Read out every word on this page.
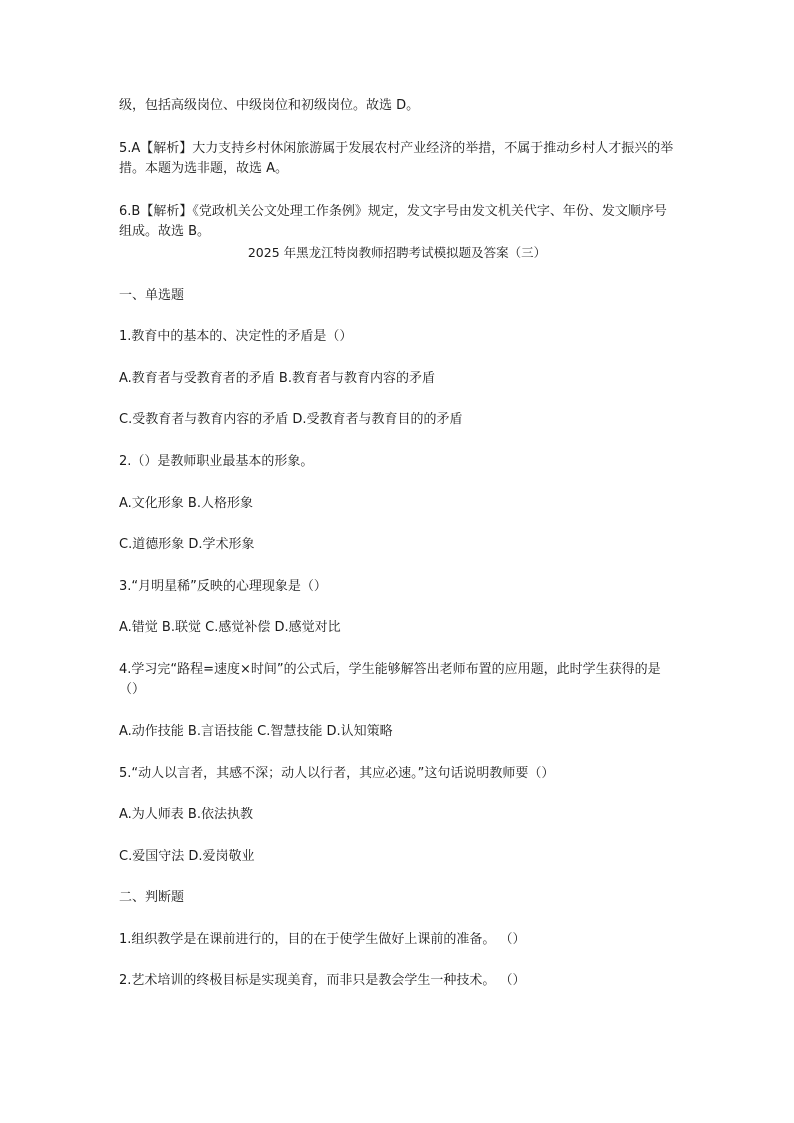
级，包括高级岗位、中级岗位和初级岗位。故选 D。
5.A【解析】大力支持乡村休闲旅游属于发展农村产业经济的举措，不属于推动乡村人才振兴的举措。本题为选非题，故选 A。
6.B【解析】《党政机关公文处理工作条例》规定，发文字号由发文机关代字、年份、发文顺序号组成。故选 B。
2025 年黑龙江特岗教师招聘考试模拟题及答案（三）
一、单选题
1.教育中的基本的、决定性的矛盾是（）
A.教育者与受教育者的矛盾 B.教育者与教育内容的矛盾
C.受教育者与教育内容的矛盾 D.受教育者与教育目的的矛盾
2.（）是教师职业最基本的形象。
A.文化形象 B.人格形象
C.道德形象 D.学术形象
3.“月明星稀”反映的心理现象是（）
A.错觉 B.联觉 C.感觉补偿 D.感觉对比
4.学习完“路程=速度×时间”的公式后，学生能够解答出老师布置的应用题，此时学生获得的是（）
A.动作技能 B.言语技能 C.智慧技能 D.认知策略
5.“动人以言者，其感不深；动人以行者，其应必速。”这句话说明教师要（）
A.为人师表 B.依法执教
C.爱国守法 D.爱岗敬业
二、判断题
1.组织教学是在课前进行的，目的在于使学生做好上课前的准备。 （）
2.艺术培训的终极目标是实现美育，而非只是教会学生一种技术。 （）
